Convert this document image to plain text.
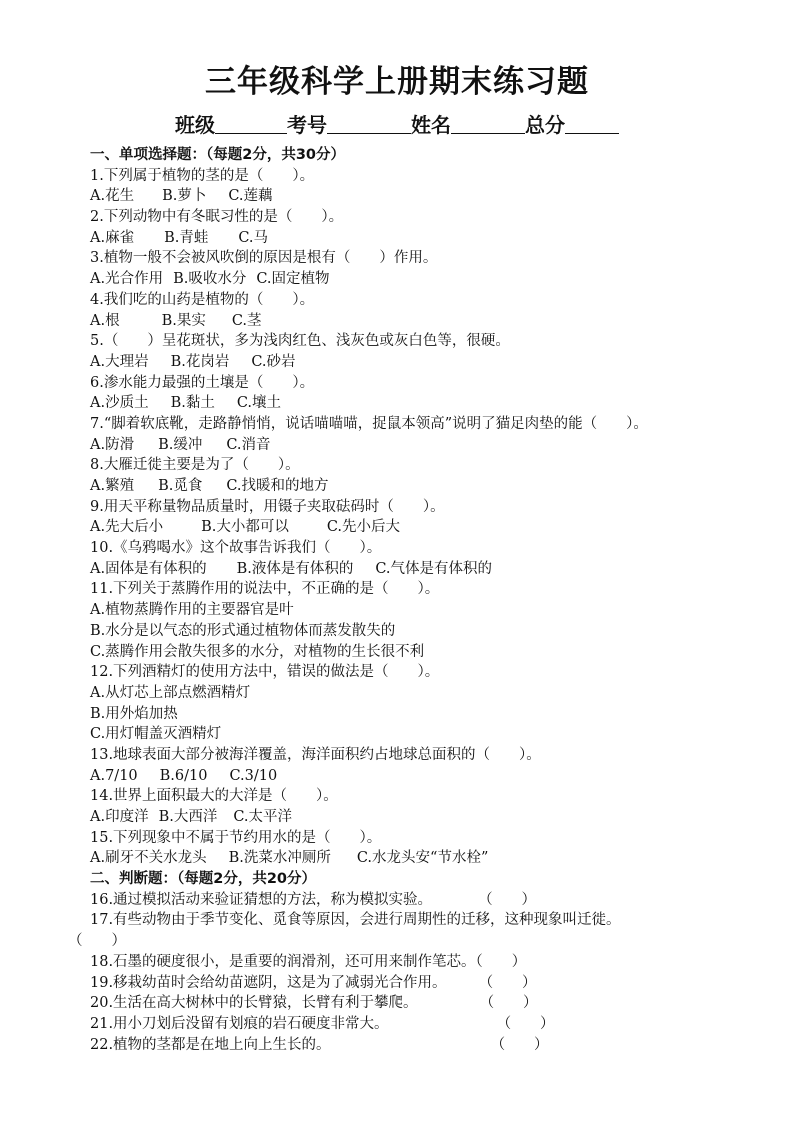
三年级科学上册期末练习题
班级	考号	姓名	总分
一、单项选择题：（每题2分，共30分）
1.下列属于植物的茎的是（　　）。
A.花生 B.萝卜 C.莲藕
2.下列动物中有冬眠习性的是（　　）。
A.麻雀 B.青蛙 C.马
3.植物一般不会被风吹倒的原因是根有（　　）作用。
A.光合作用 B.吸收水分 C.固定植物
4.我们吃的山药是植物的（　　）。
A.根	B.果实 C.茎
5.（　　）呈花斑状，多为浅肉红色、浅灰色或灰白色等，很硬。
A.大理岩 B.花岗岩 C.砂岩
6.渗水能力最强的土壤是（　　）。
A.沙质土 B.黏土 C.壤土
7.“脚着软底靴，走路静悄悄，说话喵喵喵，捉鼠本领高”说明了猫足肉垫的能（　　）。
A.防滑 B.缓冲 C.消音
8.大雁迁徙主要是为了（　　）。
A.繁殖 B.觅食 C.找暖和的地方
9.用天平称量物品质量时，用镊子夹取砝码时（　　）。
A.先大后小	B.大小都可以	C.先小后大
10.《乌鸦喝水》这个故事告诉我们（　　）。
A.固体是有体积的 B.液体是有体积的 C.气体是有体积的
11.下列关于蒸腾作用的说法中，不正确的是（　　）。
A.植物蒸腾作用的主要器官是叶
B.水分是以气态的形式通过植物体而蒸发散失的
C.蒸腾作用会散失很多的水分，对植物的生长很不利
12.下列酒精灯的使用方法中，错误的做法是（　　）。
A.从灯芯上部点燃酒精灯
B.用外焰加热
C.用灯帽盖灭酒精灯
13.地球表面大部分被海洋覆盖，海洋面积约占地球总面积的（　　）。
A.7/10 B.6/10 C.3/10
14.世界上面积最大的大洋是（　　）。
A.印度洋 B.大西洋 C.太平洋
15.下列现象中不属于节约用水的是（　　）。
A.刷牙不关水龙头 B.洗菜水冲厕所 C.水龙头安“节水栓”
二、判断题：（每题2分，共20分）
16.通过模拟活动来验证猜想的方法，称为模拟实验。	（　　）
17.有些动物由于季节变化、觅食等原因，会进行周期性的迁移，这种现象叫迁徙。
（　　）
18.石墨的硬度很小，是重要的润滑剂，还可用来制作笔芯。（　　）
19.移栽幼苗时会给幼苗遮阴，这是为了减弱光合作用。 （　　）
20.生活在高大树林中的长臂猿，长臂有利于攀爬。	（　　）
21.用小刀划后没留有划痕的岩石硬度非常大。	（　　）
22.植物的茎都是在地上向上生长的。	（　　）
